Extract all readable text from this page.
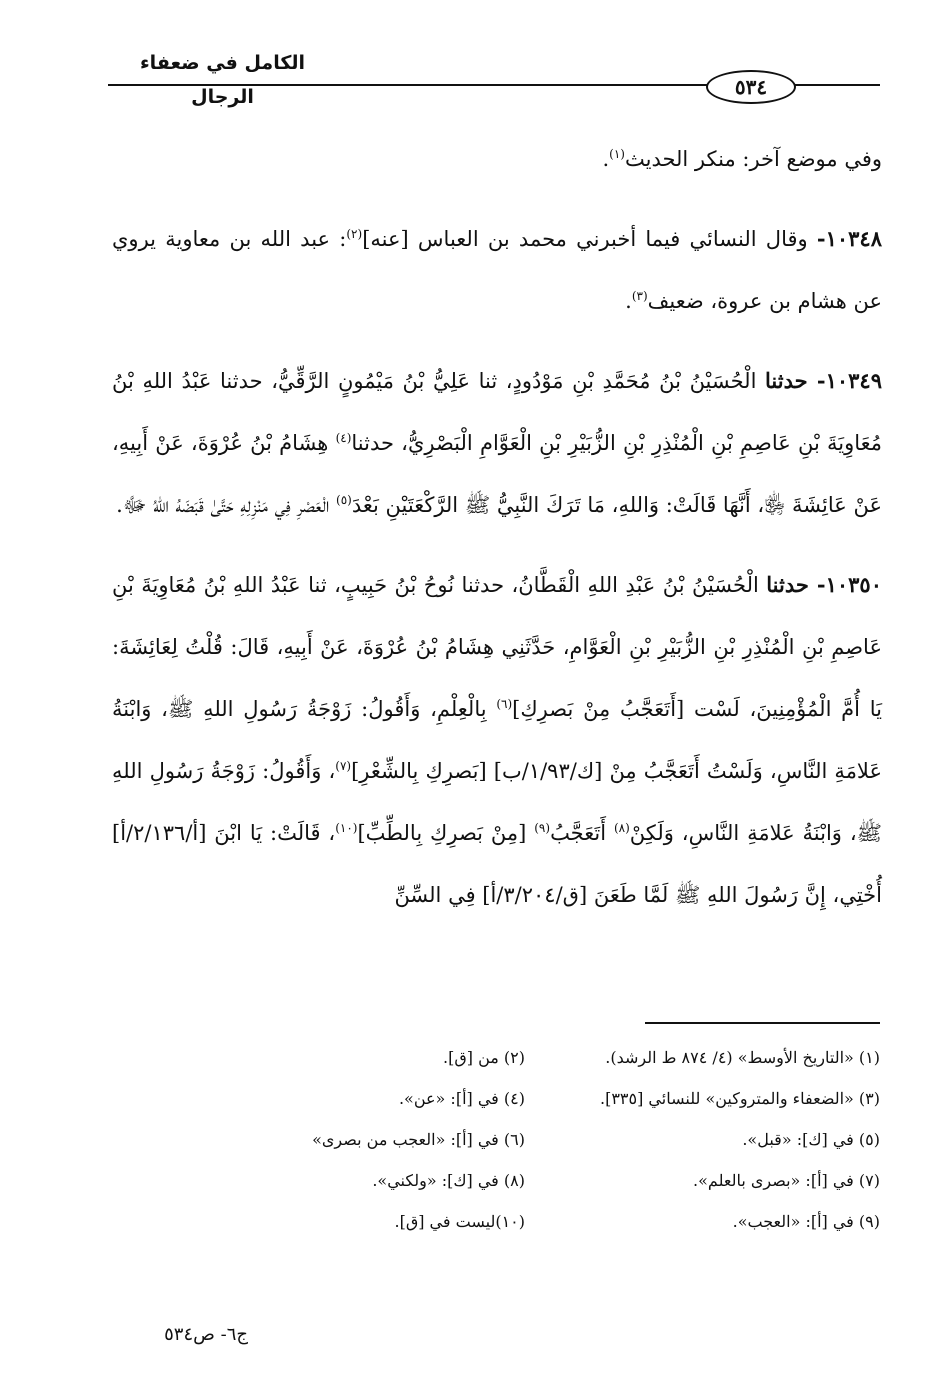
الكامل في ضعفاء الرجال	٥٣٤

وفي موضع آخر: منكر الحديث$^{(١)}$.

١٠٣٤٨- وقال النسائي فيما أخبرني محمد بن العباس [عنه]$^{(٢)}$: عبد الله بن معاوية يروي عن هشام بن عروة، ضعيف$^{(٣)}$.

١٠٣٤٩- حدثنا الْحُسَيْنُ بْنُ مُحَمَّدِ بْنِ مَوْدُودٍ، ثنا عَلِيُّ بْنُ مَيْمُونٍ الرَّقِّيُّ، حدثنا عَبْدُ اللهِ بْنُ مُعَاوِيَةَ بْنِ عَاصِمِ بْنِ الْمُنْذِرِ بْنِ الزُّبَيْرِ بْنِ الْعَوَّامِ الْبَصْرِيُّ، حدثنا$^{(٤)}$ هِشَامُ بْنُ عُرْوَةَ، عَنْ أَبِيهِ، عَنْ عَائِشَةَ ﵂، أَنَّهَا قَالَتْ: وَاللهِ، مَا تَرَكَ النَّبِيُّ ﷺ الرَّكْعَتَيْنِ بَعْدَ$^{(٥)}$ الْعَصْرِ فِي مَنْزِلِهِ حَتَّىٰ قَبَضَهُ اللهُ ﷻ.

١٠٣٥٠- حدثنا الْحُسَيْنُ بْنُ عَبْدِ اللهِ الْقَطَّانُ، حدثنا نُوحُ بْنُ حَبِيبٍ، ثنا عَبْدُ اللهِ بْنُ مُعَاوِيَةَ بْنِ عَاصِمِ بْنِ الْمُنْذِرِ بْنِ الزُّبَيْرِ بْنِ الْعَوَّامِ، حَدَّثَنِي هِشَامُ بْنُ عُرْوَةَ، عَنْ أَبِيهِ، قَالَ: قُلْتُ لِعَائِشَةَ: يَا أُمَّ الْمُؤْمِنِينَ، لَسْت [أَتَعَجَّبُ مِنْ بَصرِكِ]$^{(٦)}$ بِالْعِلْمِ، وَأَقُولُ: زَوْجَةُ رَسُولِ اللهِ ﷺ، وَابْنَةُ عَلامَةِ النَّاسِ، وَلَسْتُ أَتَعَجَّبُ مِنْ [ك/١/٩٣/ب] [بَصرِكِ بِالشِّعْرِ]$^{(٧)}$، وَأَقُولُ: زَوْجَةُ رَسُولِ اللهِ ﷺ، وَابْنَةُ عَلامَةِ النَّاسِ، وَلَكِنْ$^{(٨)}$ أَتَعَجَّبُ$^{(٩)}$ [مِنْ بَصرِكِ بِالطِّبِّ]$^{(١٠)}$، قَالَتْ: يَا ابْنَ [أ/٢/١٣٦/أ] أُخْتِي، إِنَّ رَسُولَ اللهِ ﷺ لَمَّا طَعَنَ [ق/٣/٢٠٤/أ] فِي السِّنِّ

(١) «التاريخ الأوسط» (٤/ ٨٧٤ ط الرشد).
(٢) من [ق].
(٣) «الضعفاء والمتروكين» للنسائي [٣٣٥].
(٤) في [أ]: «عن».
(٥) في [ك]: «قبل».
(٦) في [أ]: «العجب من بصرى»
(٧) في [أ]: «بصرى بالعلم».
(٨) في [ك]: «ولكني».
(٩) في [أ]: «العجب».
(١٠)ليست في [ق].
ج٦- ص٥٣٤
